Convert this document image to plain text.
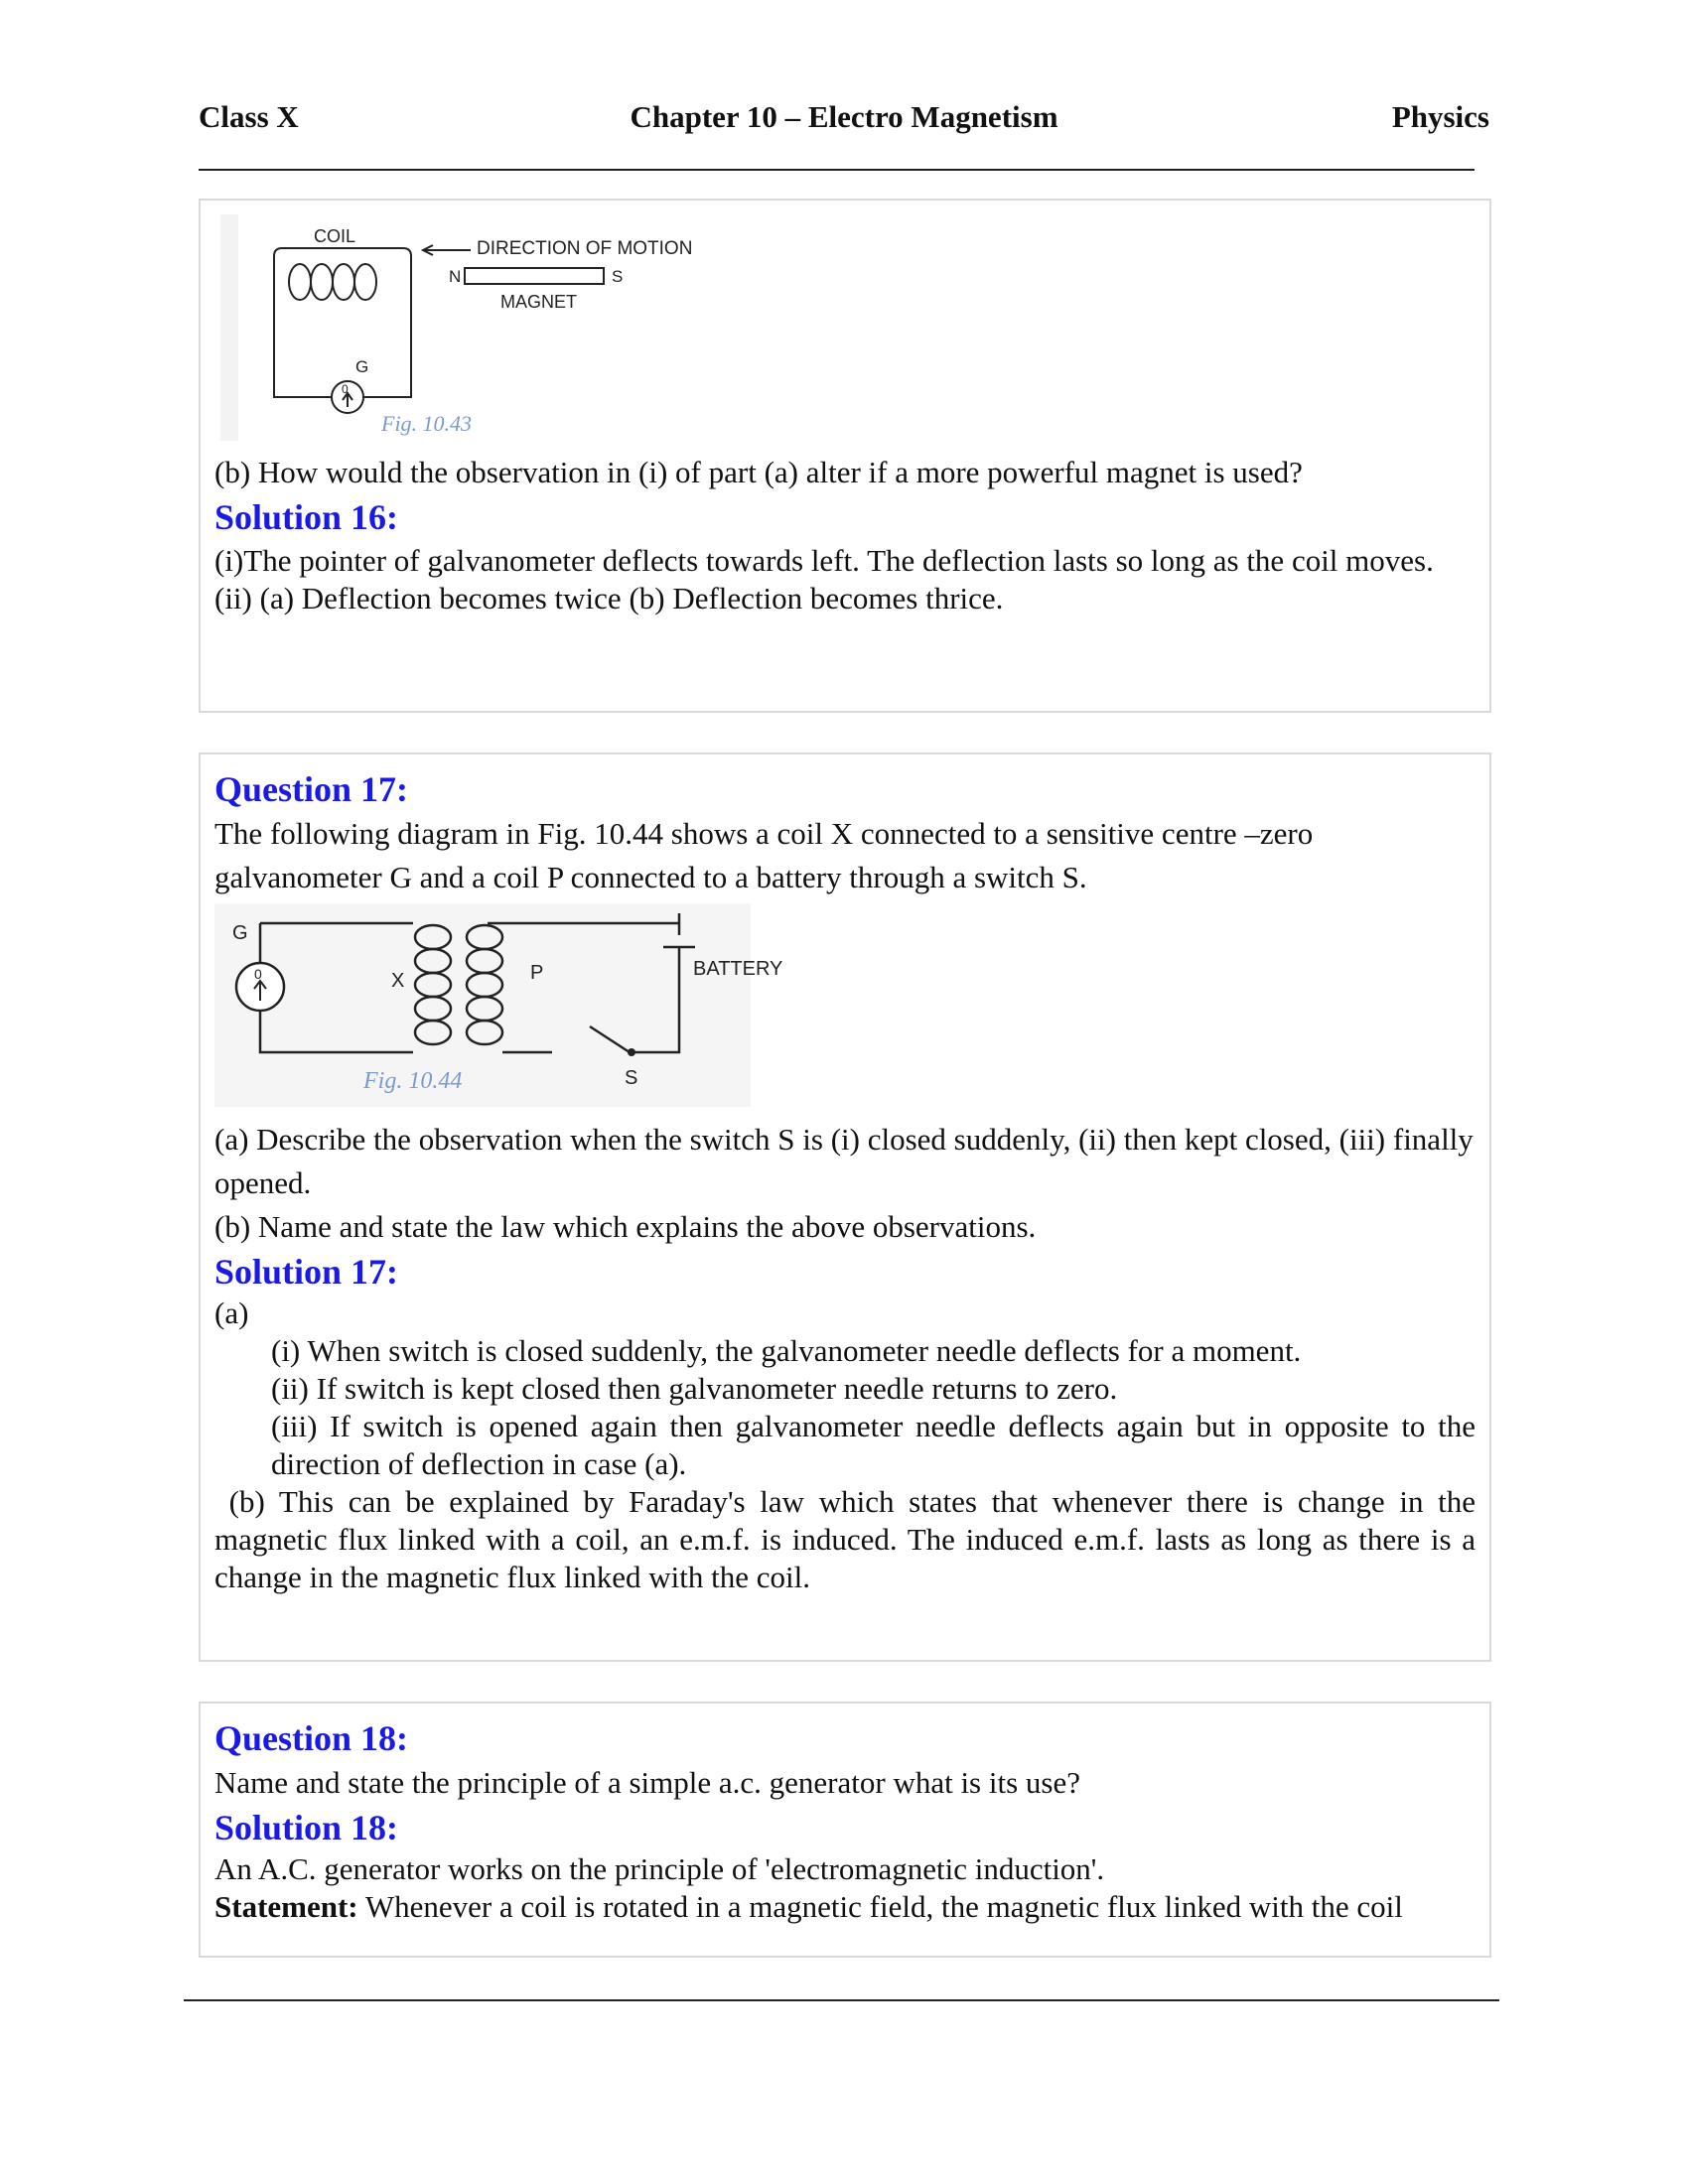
Class X	Chapter 10 – Electro Magnetism	Physics
COIL
0
G
DIRECTION OF MOTION
N	S
MAGNET
Fig. 10.43
(b) How would the observation in (i) of part (a) alter if a more powerful magnet is used?
Solution 16:
(i)The pointer of galvanometer deflects towards left. The deflection lasts so long as the coil moves.
(ii) (a) Deflection becomes twice (b) Deflection becomes thrice.
Question 17:
The following diagram in Fig. 10.44 shows a coil X connected to a sensitive centre –zero galvanometer G and a coil P connected to a battery through a switch S.
G
0	X	P	BATTERY
S
Fig. 10.44
(a) Describe the observation when the switch S is (i) closed suddenly, (ii) then kept closed, (iii) finally opened.
(b) Name and state the law which explains the above observations.
Solution 17:
(a)
(i) When switch is closed suddenly, the galvanometer needle deflects for a moment.
(ii) If switch is kept closed then galvanometer needle returns to zero.
(iii) If switch is opened again then galvanometer needle deflects again but in opposite to the direction of deflection in case (a).
(b) This can be explained by Faraday's law which states that whenever there is change in the magnetic flux linked with a coil, an e.m.f. is induced. The induced e.m.f. lasts as long as there is a change in the magnetic flux linked with the coil.
Question 18:
Name and state the principle of a simple a.c. generator what is its use?
Solution 18:
An A.C. generator works on the principle of 'electromagnetic induction'.
Statement: Whenever a coil is rotated in a magnetic field, the magnetic flux linked with the coil
